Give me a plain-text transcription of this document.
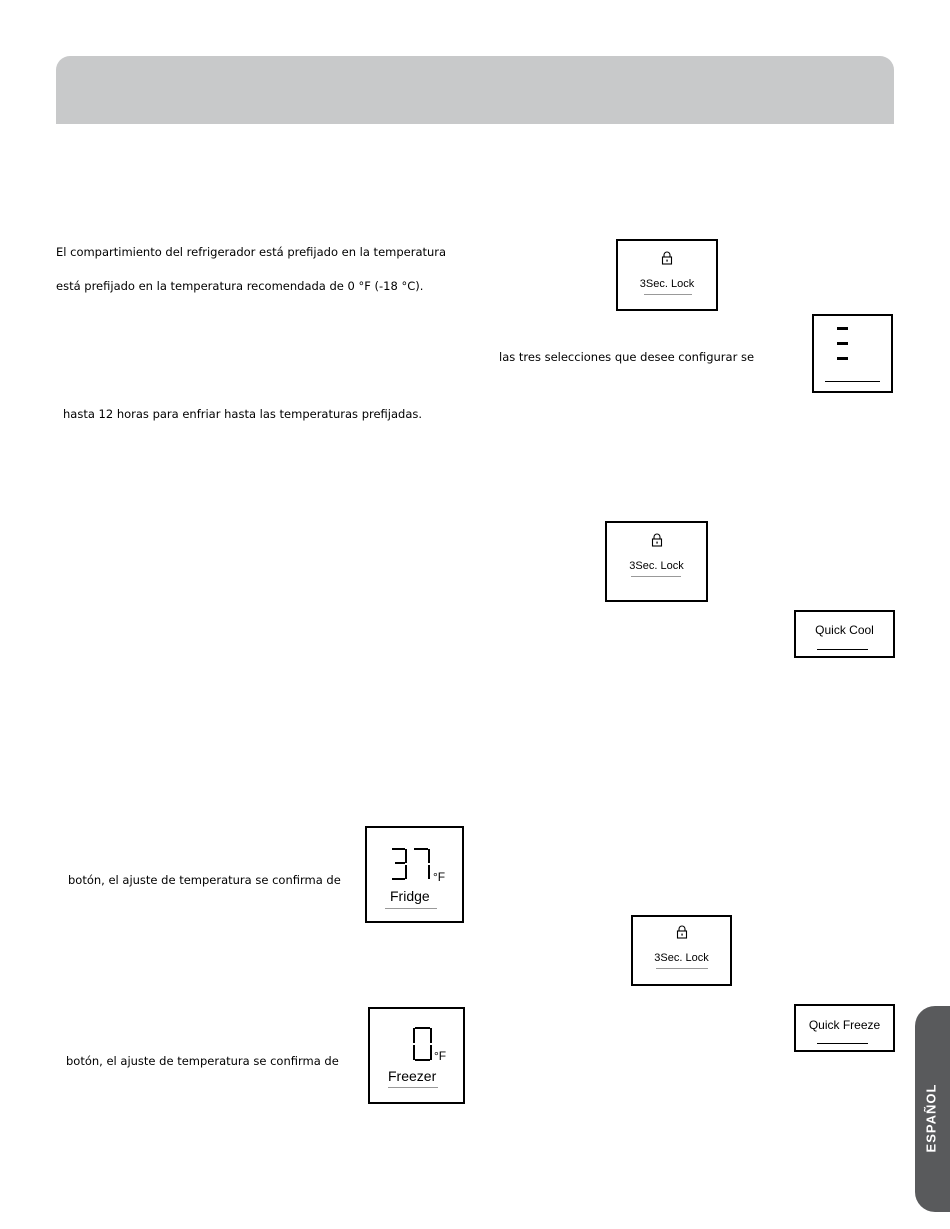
El compartimiento del refrigerador está prefijado en la temperatura
está prefijado en la temperatura recomendada de 0 °F (-18 °C).
hasta 12 horas para enfriar hasta las temperaturas prefijadas.
las tres selecciones que desee configurar se
3Sec. Lock
3Sec. Lock
Quick Cool
botón, el ajuste de temperatura se confirma de	°F
Fridge
3Sec. Lock
Quick Freeze
botón, el ajuste de temperatura se confirma de	°F
Freezer
ESPAÑOL
